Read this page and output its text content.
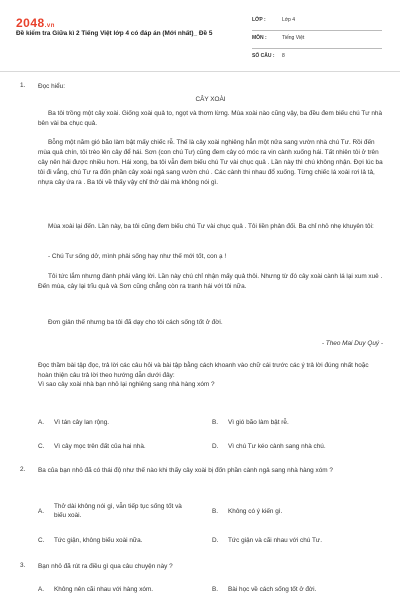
2048.vn
Đề kiểm tra Giữa kì 2 Tiếng Việt lớp 4 có đáp án (Mới nhất)_ Đề 5
LỚP :	Lớp 4
MÔN :	Tiếng Việt
SỐ CÂU : 8
1. Đọc hiểu:
CÂY XOÀI
Ba tôi trồng một cây xoài. Giống xoài quả to, ngọt và thơm lừng. Mùa xoài nào cũng vậy, ba đều đem biếu chú Tư nhà bên vài ba chục quả.
Bỗng một năm gió bão làm bật mấy chiếc rễ. Thế là cây xoài nghiêng hẳn một nửa sang vườn nhà chú Tư. Rồi đến mùa quả chín, tôi trèo lên cây để hái. Sơn (con chú Tư) cũng đem cây có móc ra vin cành xuống hái. Tất nhiên tôi ở trên cây nên hái được nhiều hơn. Hái xong, ba tôi vẫn đem biếu chú Tư vài chục quả . Lần này thì chú không nhận. Đợi lúc ba tôi đi vắng, chú Tư ra đốn phần cây xoài ngả sang vườn chú . Các cành thi nhau đổ xuống. Từng chiếc lá xoài rơi lả tả, nhựa cây ứa ra . Ba tôi về thấy vậy chỉ thở dài mà không nói gì.
Mùa xoài lại đến. Lần này, ba tôi cũng đem biếu chú Tư vài chục quả . Tôi liền phản đối. Ba chỉ nhỏ nhẹ khuyên tôi:
- Chú Tư sống dở, mình phải sống hay như thế mới tốt, con ạ !
Tôi tức lắm nhưng đành phải vâng lời. Lần này chú chỉ nhận mấy quả thôi. Nhưng từ đó cây xoài cành lá lại xum xuê . Đến mùa, cây lại trĩu quả và Sơn cũng chẳng còn ra tranh hái với tôi nữa.
Đơn giản thế nhưng ba tôi đã dạy cho tôi cách sống tốt ở đời.
- Theo Mai Duy Quý -
Đọc thầm bài tập đọc, trả lời các câu hỏi và bài tập bằng cách khoanh vào chữ cái trước các ý trả lời đúng nhất hoặc hoàn thiện câu trả lời theo hướng dẫn dưới đây:
Vì sao cây xoài nhà bạn nhỏ lại nghiêng sang nhà hàng xóm ?
A. Vì tán cây lan rộng.	B. Vì gió bão làm bật rễ.
C. Vì cây mọc trên đất của hai nhà.	D. Vì chú Tư kéo cành sang nhà chú.
2. Ba của bạn nhỏ đã có thái độ như thế nào khi thấy cây xoài bị đốn phần cành ngả sang nhà hàng xóm ?
A.
Thở dài không nói gì, vẫn tiếp tục sống tốt và biếu xoài.
B. Không có ý kiến gì.
C. Tức giận, không biếu xoài nữa.	D. Tức giận và cãi nhau với chú Tư.
3. Bạn nhỏ đã rút ra điều gì qua câu chuyện này ?
A. Không nên cãi nhau với hàng xóm.	B. Bài học về cách sống tốt ở đời.
